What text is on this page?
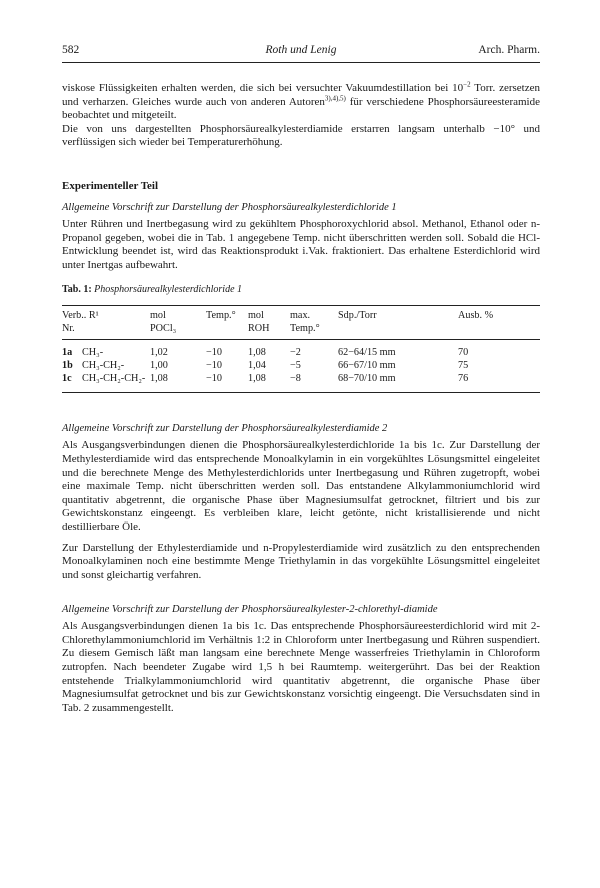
582	Roth und Lenig	Arch. Pharm.

viskose Flüssigkeiten erhalten werden, die sich bei versuchter Vakuumdestillation bei $10^{-2}$ Torr. zersetzen und verharzen. Gleiches wurde auch von anderen Autoren$^{3),4),5)}$ für verschiedene Phosphorsäureesteramide beobachtet und mitgeteilt.

Die von uns dargestellten Phosphorsäurealkylesterdiamide erstarren langsam unterhalb −10° und verflüssigen sich wieder bei Temperaturerhöhung.

Experimenteller Teil
Allgemeine Vorschrift zur Darstellung der Phosphorsäurealkylesterdichloride 1

Unter Rühren und Inertbegasung wird zu gekühltem Phosphoroxychlorid absol. Methanol, Ethanol oder n-Propanol gegeben, wobei die in Tab. 1 angegebene Temp. nicht überschritten werden soll. Sobald die HCl-Entwicklung beendet ist, wird das Reaktionsprodukt i.Vak. fraktioniert. Das erhaltene Esterdichlorid wird unter Inertgas aufbewahrt.

Tab. 1: Phosphorsäurealkylesterdichloride 1
Verb.. R¹		mol	Temp.°	mol	max.	Sdp./Torr	Ausb. %
Nr.		POCl₃		ROH	Temp.°		
1a	CH₃-	1,02	−10	1,08	−2	62−64/15 mm	70
1b	CH₃-CH₂-	1,00	−10	1,04	−5	66−67/10 mm	75
1c	CH₃-CH₂-CH₂-	1,08	−10	1,08	−8	68−70/10 mm	76
Allgemeine Vorschrift zur Darstellung der Phosphorsäurealkylesterdiamide 2

Als Ausgangsverbindungen dienen die Phosphorsäurealkylesterdichloride 1a bis 1c. Zur Darstellung der Methylesterdiamide wird das entsprechende Monoalkylamin in ein vorgekühltes Lösungsmittel eingeleitet und die berechnete Menge des Methylesterdichlorids unter Inertbegasung und Rühren zugetropft, wobei eine maximale Temp. nicht überschritten werden soll. Das entstandene Alkylammoniumchlorid wird quantitativ abgetrennt, die organische Phase über Magnesiumsulfat getrocknet, filtriert und bis zur Gewichtskonstanz eingeengt. Es verbleiben klare, leicht getönte, nicht kristallisierende und nicht destillierbare Öle.

Zur Darstellung der Ethylesterdiamide und n-Propylesterdiamide wird zusätzlich zu den entsprechenden Monoalkylaminen noch eine bestimmte Menge Triethylamin in das vorgekühlte Lösungsmittel eingeleitet und sonst gleichartig verfahren.

Allgemeine Vorschrift zur Darstellung der Phosphorsäurealkylester-2-chlorethyl-diamide

Als Ausgangsverbindungen dienen 1a bis 1c. Das entsprechende Phosphorsäureesterdichlorid wird mit 2-Chlorethylammoniumchlorid im Verhältnis 1:2 in Chloroform unter Inertbegasung und Rühren suspendiert. Zu diesem Gemisch läßt man langsam eine berechnete Menge wasserfreies Triethylamin in Chloroform zutropfen. Nach beendeter Zugabe wird 1,5 h bei Raumtemp. weitergerührt. Das bei der Reaktion entstehende Trialkylammoniumchlorid wird quantitativ abgetrennt, die organische Phase über Magnesiumsulfat getrocknet und bis zur Gewichtskonstanz vorsichtig eingeengt. Die Versuchsdaten sind in Tab. 2 zusammengestellt.
